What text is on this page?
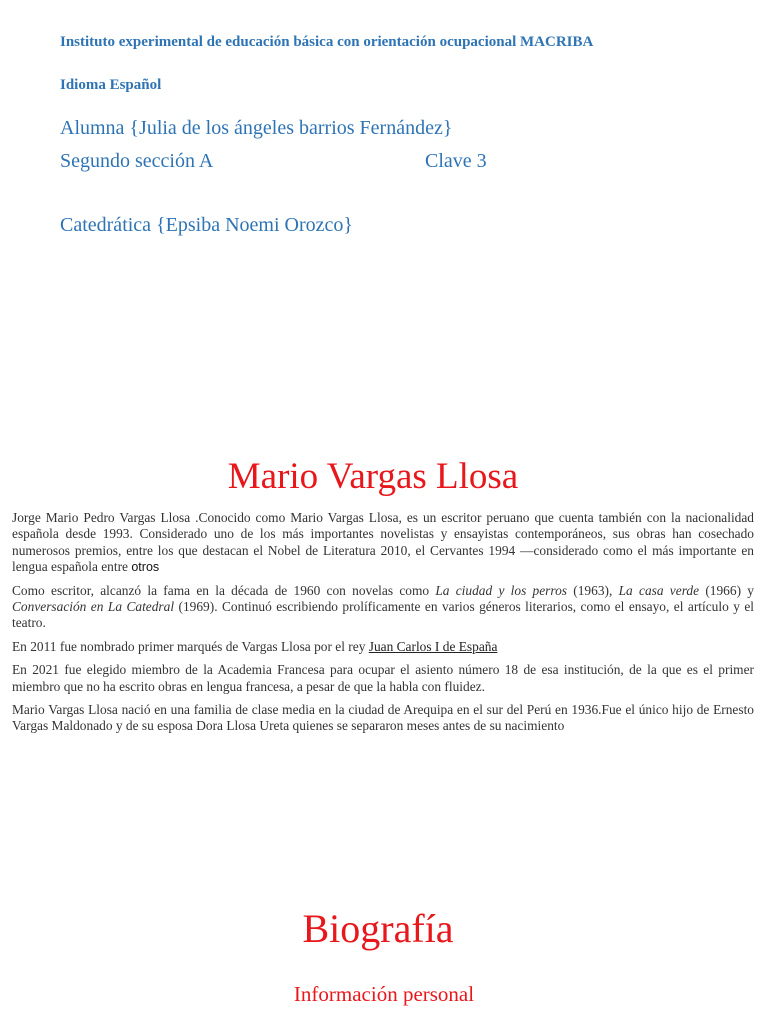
Instituto experimental de educación básica con orientación ocupacional MACRIBA
Idioma Español
Alumna {Julia de los ángeles barrios Fernández}
Segundo sección A	Clave 3
Catedrática {Epsiba Noemi Orozco}
Mario Vargas Llosa

Jorge Mario Pedro Vargas Llosa .Conocido como Mario Vargas Llosa, es un escritor peruano que cuenta también con la nacionalidad española desde 1993. Considerado uno de los más importantes novelistas y ensayistas contemporáneos, sus obras han cosechado numerosos premios, entre los que destacan el Nobel de Literatura 2010, el Cervantes 1994 —considerado como el más importante en lengua española entre otros

Como escritor, alcanzó la fama en la década de 1960 con novelas como La ciudad y los perros (1963), La casa verde (1966) y Conversación en La Catedral (1969). Continuó escribiendo prolíficamente en varios géneros literarios, como el ensayo, el artículo y el teatro.

En 2011 fue nombrado primer marqués de Vargas Llosa por el rey Juan Carlos I de España

En 2021 fue elegido miembro de la Academia Francesa para ocupar el asiento número 18 de esa institución, de la que es el primer miembro que no ha escrito obras en lengua francesa, a pesar de que la habla con fluidez.

Mario Vargas Llosa nació en una familia de clase media en la ciudad de Arequipa en el sur del Perú en 1936.Fue el único hijo de Ernesto Vargas Maldonado y de su esposa Dora Llosa Ureta quienes se separaron meses antes de su nacimiento

Biografía
Información personal
